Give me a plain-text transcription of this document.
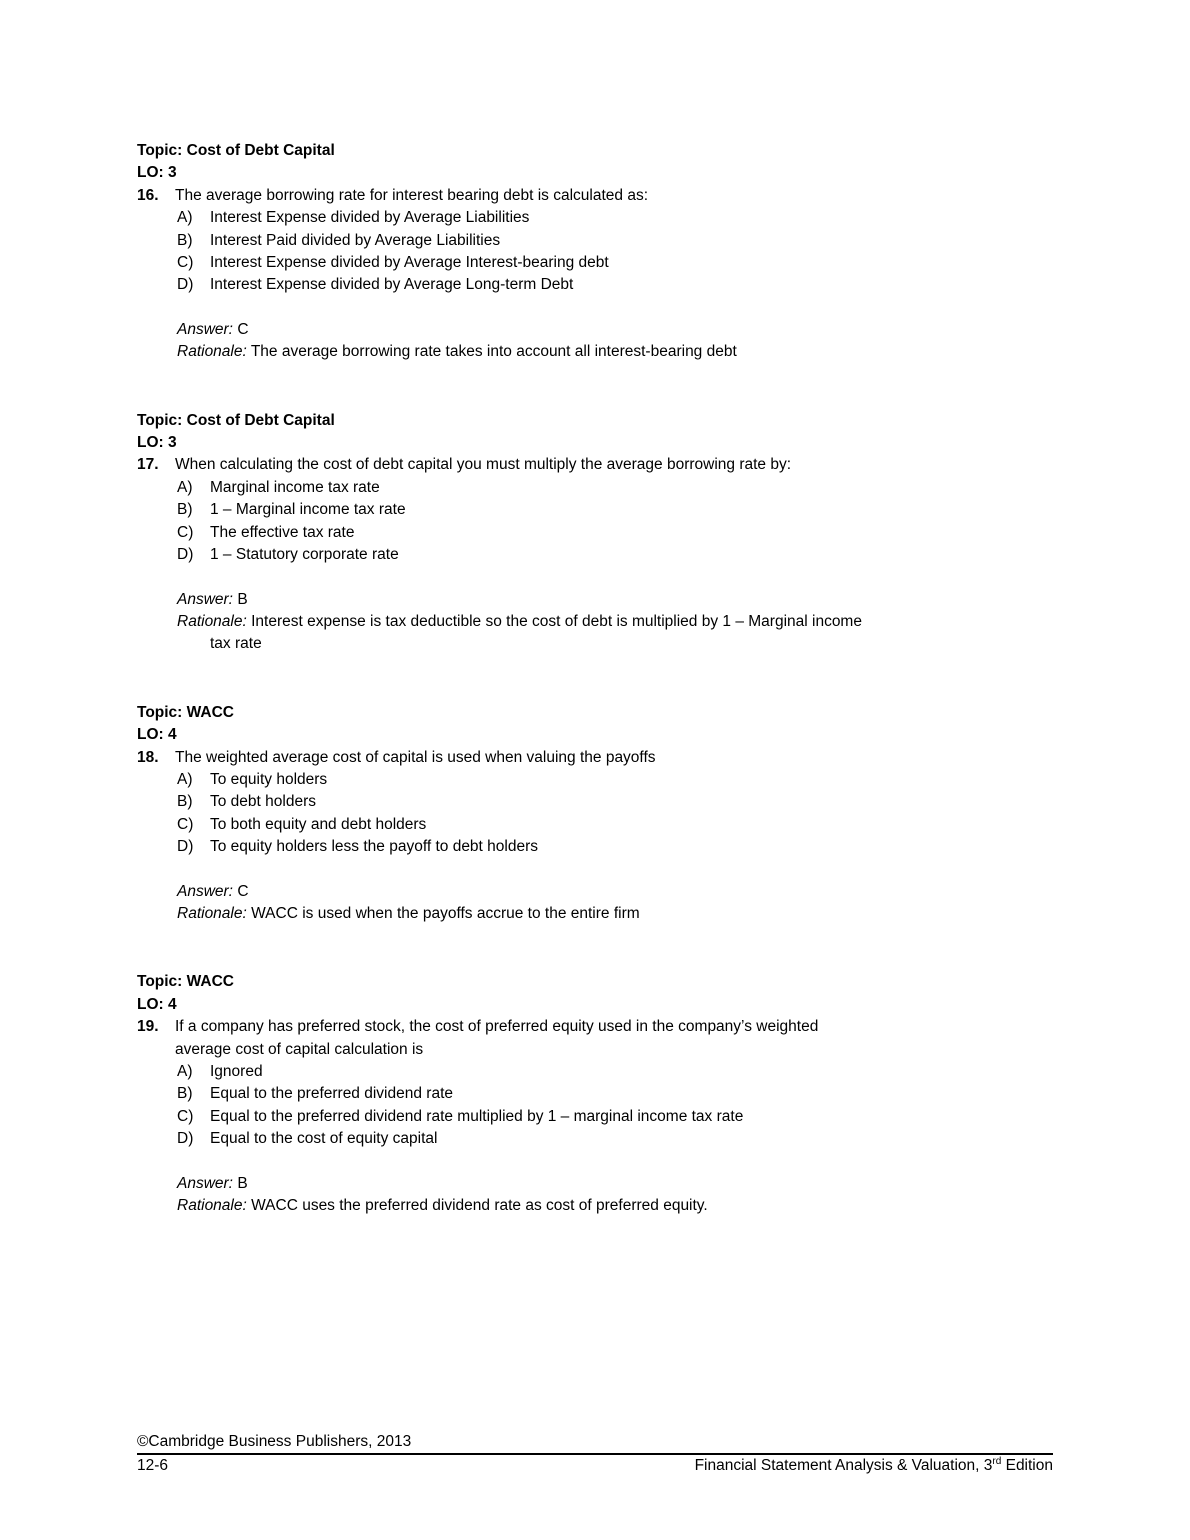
Topic: Cost of Debt Capital

LO: 3

16. The average borrowing rate for interest bearing debt is calculated as:

A) Interest Expense divided by Average Liabilities

B) Interest Paid divided by Average Liabilities

C) Interest Expense divided by Average Interest-bearing debt

D) Interest Expense divided by Average Long-term Debt

Answer: C

Rationale: The average borrowing rate takes into account all interest-bearing debt

Topic: Cost of Debt Capital

LO: 3

17. When calculating the cost of debt capital you must multiply the average borrowing rate by:

A) Marginal income tax rate

B) 1 – Marginal income tax rate

C) The effective tax rate

D) 1 – Statutory corporate rate

Answer: B

Rationale: Interest expense is tax deductible so the cost of debt is multiplied by 1 – Marginal income

tax rate

Topic: WACC

LO: 4

18. The weighted average cost of capital is used when valuing the payoffs

A) To equity holders

B) To debt holders

C) To both equity and debt holders

D) To equity holders less the payoff to debt holders

Answer: C

Rationale: WACC is used when the payoffs accrue to the entire firm

Topic: WACC

LO: 4

19. If a company has preferred stock, the cost of preferred equity used in the company’s weighted

average cost of capital calculation is

A) Ignored

B) Equal to the preferred dividend rate

C) Equal to the preferred dividend rate multiplied by 1 – marginal income tax rate

D) Equal to the cost of equity capital

Answer: B

Rationale: WACC uses the preferred dividend rate as cost of preferred equity.

©Cambridge Business Publishers, 2013

12-6	Financial Statement Analysis & Valuation, 3rd Edition
